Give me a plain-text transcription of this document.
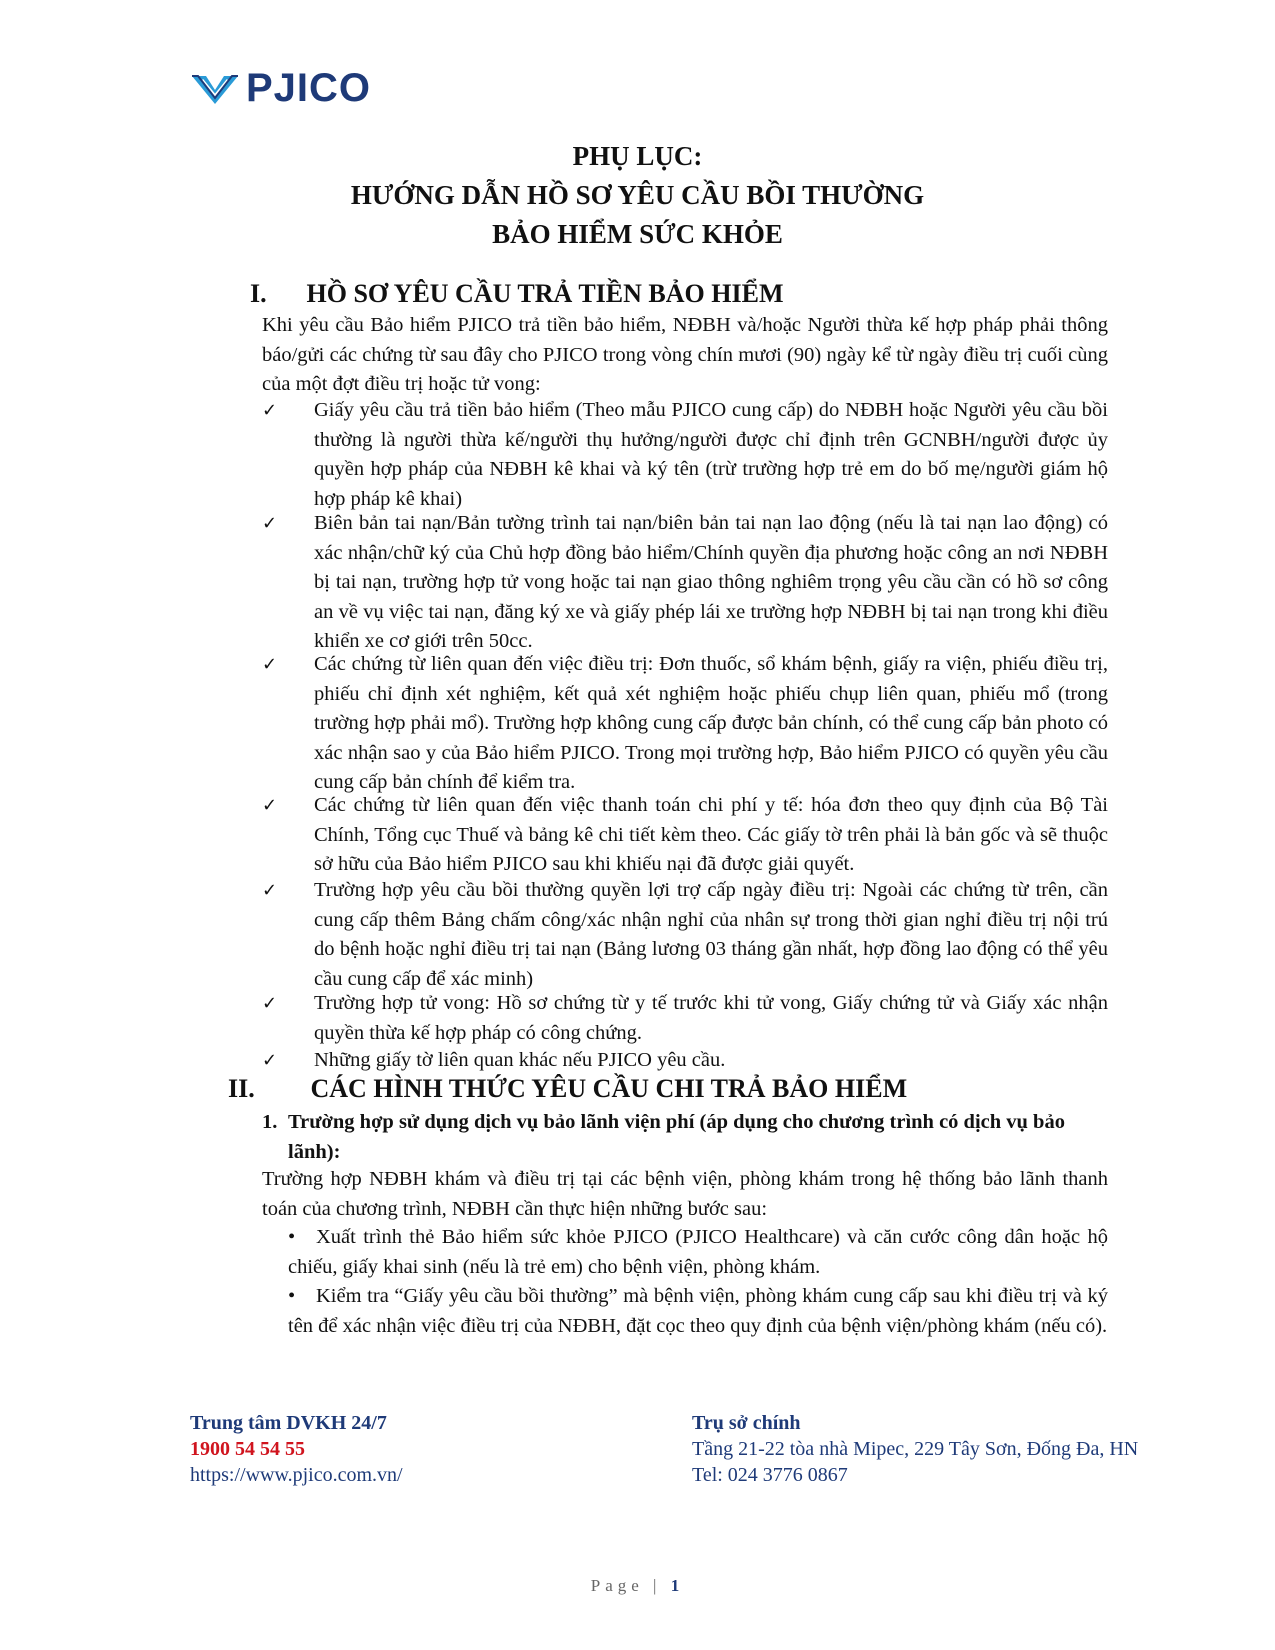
PJICO
PHỤ LỤC:
HƯỚNG DẪN HỒ SƠ YÊU CẦU BỒI THƯỜNG
BẢO HIỂM SỨC KHỎE
I. HỒ SƠ YÊU CẦU TRẢ TIỀN BẢO HIỂM

Khi yêu cầu Bảo hiểm PJICO trả tiền bảo hiểm, NĐBH và/hoặc Người thừa kế hợp pháp phải thông báo/gửi các chứng từ sau đây cho PJICO trong vòng chín mươi (90) ngày kể từ ngày điều trị cuối cùng của một đợt điều trị hoặc tử vong:

✓	Giấy yêu cầu trả tiền bảo hiểm (Theo mẫu PJICO cung cấp) do NĐBH hoặc Người yêu cầu bồi thường là người thừa kế/người thụ hưởng/người được chỉ định trên GCNBH/người được ủy quyền hợp pháp của NĐBH kê khai và ký tên (trừ trường hợp trẻ em do bố mẹ/người giám hộ hợp pháp kê khai)

✓	Biên bản tai nạn/Bản tường trình tai nạn/biên bản tai nạn lao động (nếu là tai nạn lao động) có xác nhận/chữ ký của Chủ hợp đồng bảo hiểm/Chính quyền địa phương hoặc công an nơi NĐBH bị tai nạn, trường hợp tử vong hoặc tai nạn giao thông nghiêm trọng yêu cầu cần có hồ sơ công an về vụ việc tai nạn, đăng ký xe và giấy phép lái xe trường hợp NĐBH bị tai nạn trong khi điều khiển xe cơ giới trên 50cc.

✓	Các chứng từ liên quan đến việc điều trị: Đơn thuốc, sổ khám bệnh, giấy ra viện, phiếu điều trị, phiếu chỉ định xét nghiệm, kết quả xét nghiệm hoặc phiếu chụp liên quan, phiếu mổ (trong trường hợp phải mổ). Trường hợp không cung cấp được bản chính, có thể cung cấp bản photo có xác nhận sao y của Bảo hiểm PJICO. Trong mọi trường hợp, Bảo hiểm PJICO có quyền yêu cầu cung cấp bản chính để kiểm tra.

✓	Các chứng từ liên quan đến việc thanh toán chi phí y tế: hóa đơn theo quy định của Bộ Tài Chính, Tổng cục Thuế và bảng kê chi tiết kèm theo. Các giấy tờ trên phải là bản gốc và sẽ thuộc sở hữu của Bảo hiểm PJICO sau khi khiếu nại đã được giải quyết.

✓	Trường hợp yêu cầu bồi thường quyền lợi trợ cấp ngày điều trị: Ngoài các chứng từ trên, cần cung cấp thêm Bảng chấm công/xác nhận nghỉ của nhân sự trong thời gian nghỉ điều trị nội trú do bệnh hoặc nghỉ điều trị tai nạn (Bảng lương 03 tháng gần nhất, hợp đồng lao động có thể yêu cầu cung cấp để xác minh)

✓	Trường hợp tử vong: Hồ sơ chứng từ y tế trước khi tử vong, Giấy chứng tử và Giấy xác nhận quyền thừa kế hợp pháp có công chứng.

✓	Những giấy tờ liên quan khác nếu PJICO yêu cầu.

II. CÁC HÌNH THỨC YÊU CẦU CHI TRẢ BẢO HIỂM
1. Trường hợp sử dụng dịch vụ bảo lãnh viện phí (áp dụng cho chương trình có dịch vụ bảo lãnh):

Trường hợp NĐBH khám và điều trị tại các bệnh viện, phòng khám trong hệ thống bảo lãnh thanh toán của chương trình, NĐBH cần thực hiện những bước sau:

•	Xuất trình thẻ Bảo hiểm sức khỏe PJICO (PJICO Healthcare) và căn cước công dân hoặc hộ chiếu, giấy khai sinh (nếu là trẻ em) cho bệnh viện, phòng khám.

•	Kiểm tra “Giấy yêu cầu bồi thường” mà bệnh viện, phòng khám cung cấp sau khi điều trị và ký tên để xác nhận việc điều trị của NĐBH, đặt cọc theo quy định của bệnh viện/phòng khám (nếu có).

Trung tâm DVKH 24/7
1900 54 54 55
https://www.pjico.com.vn/
Trụ sở chính
Tầng 21-22 tòa nhà Mipec, 229 Tây Sơn, Đống Đa, HN
Tel: 024 3776 0867
Page | 1
